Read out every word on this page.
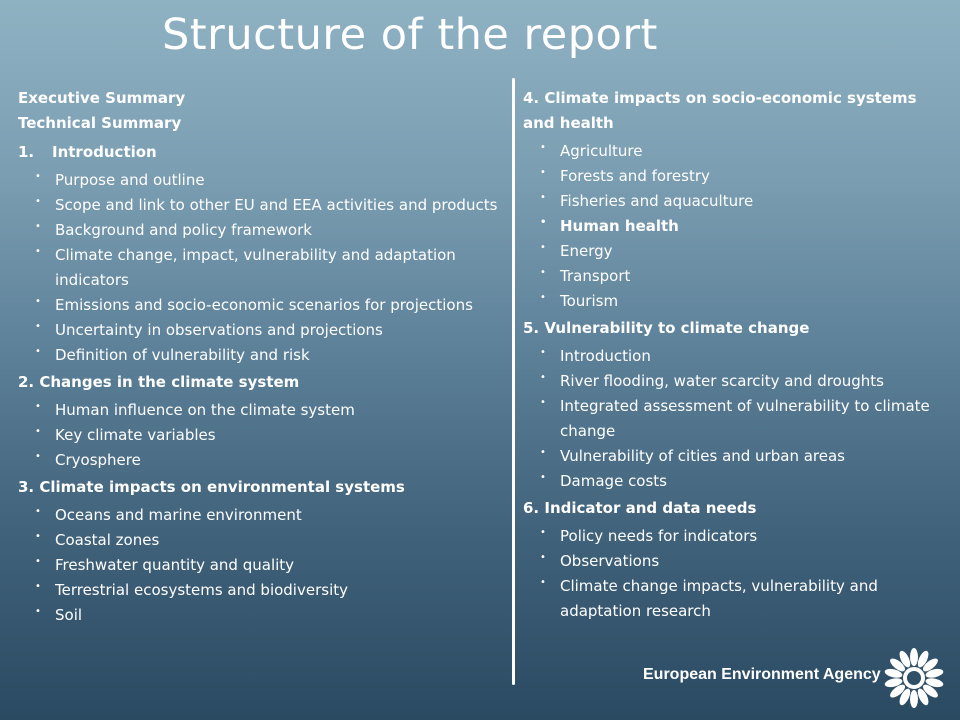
Structure of the report
Executive Summary
Technical Summary
1. Introduction
• Purpose and outline
• Scope and link to other EU and EEA activities and products
• Background and policy framework
• Climate change, impact, vulnerability and adaptation indicators
• Emissions and socio-economic scenarios for projections
• Uncertainty in observations and projections
• Definition of vulnerability and risk
2. Changes in the climate system
• Human influence on the climate system
• Key climate variables
• Cryosphere
3. Climate impacts on environmental systems
• Oceans and marine environment
• Coastal zones
• Freshwater quantity and quality
• Terrestrial ecosystems and biodiversity
• Soil
4. Climate impacts on socio-economic systems and health
• Agriculture
• Forests and forestry
• Fisheries and aquaculture
• Human health
• Energy
• Transport
• Tourism
5. Vulnerability to climate change
• Introduction
• River flooding, water scarcity and droughts
• Integrated assessment of vulnerability to climate change
• Vulnerability of cities and urban areas
• Damage costs
6. Indicator and data needs
• Policy needs for indicators
• Observations
• Climate change impacts, vulnerability and adaptation research
European Environment Agency
